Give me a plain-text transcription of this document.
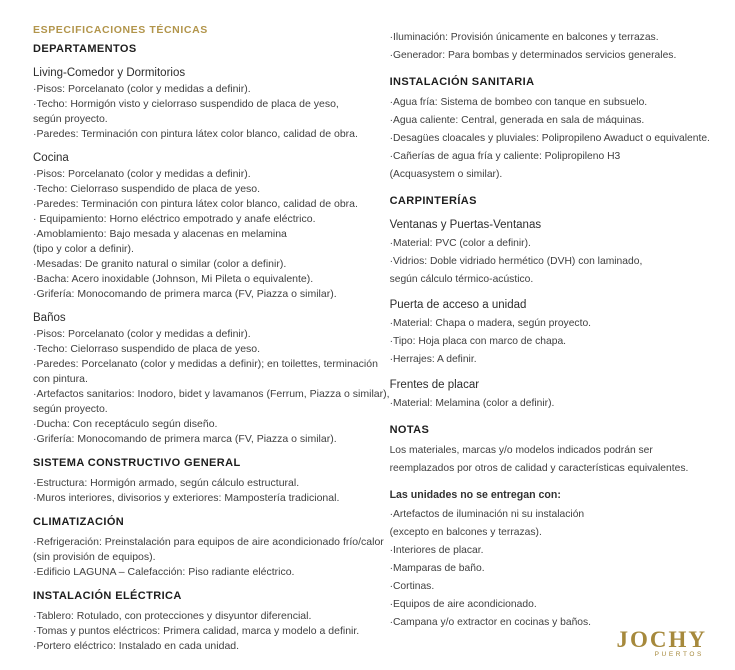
ESPECIFICACIONES TÉCNICAS
DEPARTAMENTOS
Living-Comedor y Dormitorios

·Pisos: Porcelanato (color y medidas a definir).

·Techo: Hormigón visto y cielorraso suspendido de placa de yeso,

según proyecto.

·Paredes: Terminación con pintura látex color blanco, calidad de obra.

Cocina

·Pisos: Porcelanato (color y medidas a definir).

·Techo: Cielorraso suspendido de placa de yeso.

·Paredes: Terminación con pintura látex color blanco, calidad de obra.

· Equipamiento: Horno eléctrico empotrado y anafe eléctrico.

·Amoblamiento: Bajo mesada y alacenas en melamina

(tipo y color a definir).

·Mesadas: De granito natural o similar (color a definir).

·Bacha: Acero inoxidable (Johnson, Mi Pileta o equivalente).

·Grifería: Monocomando de primera marca (FV, Piazza o similar).

Baños

·Pisos: Porcelanato (color y medidas a definir).

·Techo: Cielorraso suspendido de placa de yeso.

·Paredes: Porcelanato (color y medidas a definir); en toilettes, terminación

con pintura.

·Artefactos sanitarios: Inodoro, bidet y lavamanos (Ferrum, Piazza o similar),

según proyecto.

·Ducha: Con receptáculo según diseño.

·Grifería: Monocomando de primera marca (FV, Piazza o similar).

SISTEMA CONSTRUCTIVO GENERAL

·Estructura: Hormigón armado, según cálculo estructural.

·Muros interiores, divisorios y exteriores: Mampostería tradicional.

CLIMATIZACIÓN

·Refrigeración: Preinstalación para equipos de aire acondicionado frío/calor

(sin provisión de equipos).

·Edificio LAGUNA – Calefacción: Piso radiante eléctrico.

INSTALACIÓN ELÉCTRICA

·Tablero: Rotulado, con protecciones y disyuntor diferencial.

·Tomas y puntos eléctricos: Primera calidad, marca y modelo a definir.

·Portero eléctrico: Instalado en cada unidad.

·Iluminación: Provisión únicamente en balcones y terrazas.

·Generador: Para bombas y determinados servicios generales.

INSTALACIÓN SANITARIA

·Agua fría: Sistema de bombeo con tanque en subsuelo.

·Agua caliente: Central, generada en sala de máquinas.

·Desagües cloacales y pluviales: Polipropileno Awaduct o equivalente.

·Cañerías de agua fría y caliente: Polipropileno H3

(Acquasystem o similar).

CARPINTERÍAS
Ventanas y Puertas-Ventanas

·Material: PVC (color a definir).

·Vidrios: Doble vidriado hermético (DVH) con laminado,

según cálculo térmico-acústico.

Puerta de acceso a unidad

·Material: Chapa o madera, según proyecto.

·Tipo: Hoja placa con marco de chapa.

·Herrajes: A definir.

Frentes de placar

·Material: Melamina (color a definir).

NOTAS

Los materiales, marcas y/o modelos indicados podrán ser

reemplazados por otros de calidad y características equivalentes.

Las unidades no se entregan con:

·Artefactos de iluminación ni su instalación

(excepto en balcones y terrazas).

·Interiores de placar.

·Mamparas de baño.

·Cortinas.

·Equipos de aire acondicionado.

·Campana y/o extractor en cocinas y baños.

JOCHY
PUERTOS
